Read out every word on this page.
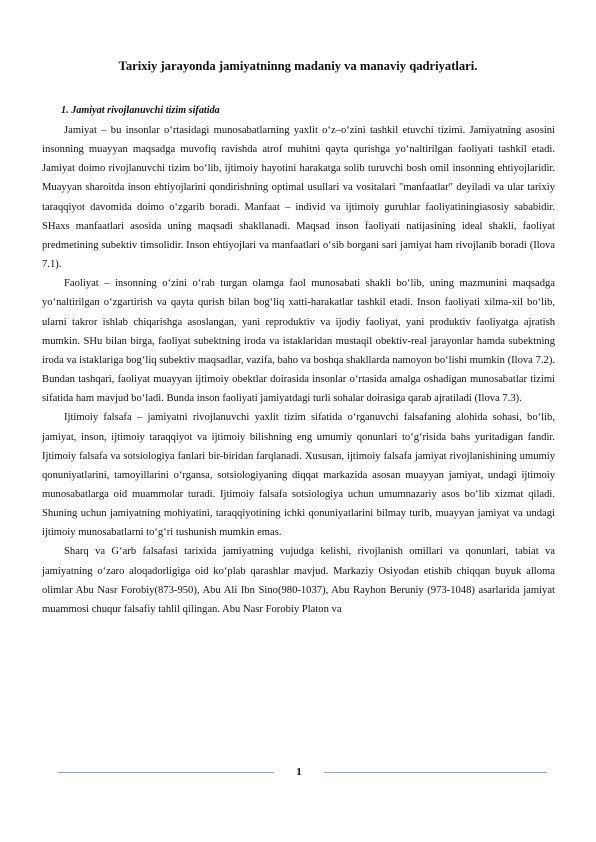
Tarixiy jarayonda jamiyatninng madaniy va manaviy qadriyatlari.
1. Jamiyat rivojlanuvchi tizim sifatida

Jamiyat – bu insonlar o‘rtasidagi munosabatlarning yaxlit o‘z–o‘zini tashkil etuvchi tizimi. Jamiyatning asosini insonning muayyan maqsadga muvofiq ravishda atrof muhitni qayta qurishga yo‘naltirilgan faoliyati tashkil etadi. Jamiyat doimo rivojlanuvchi tizim bo‘lib, ijtimoiy hayotini harakatga solib turuvchi bosh omil insonning ehtiyojlaridir. Muayyan sharoitda inson ehtiyojlarini qondirishning optimal usullari va vositalari "manfaatlar" deyiladi va ular tarixiy taraqqiyot davomida doimo o‘zgarib boradi. Manfaat – individ va ijtimoiy guruhlar faoliyatiningiasosiy sababidir. SHaxs manfaatlari asosida uning maqsadi shakllanadi. Maqsad inson faoliyati natijasining ideal shakli, faoliyat predmetining subektiv timsolidir. Inson ehtiyojlari va manfaatlari o‘sib borgani sari jamiyat ham rivojlanib boradi (Ilova 7.1).

Faoliyat – insonning o‘zini o‘rab turgan olamga faol munosabati shakli bo‘lib, uning mazmunini maqsadga yo‘naltirilgan o‘zgartirish va qayta qurish bilan bog‘liq xatti-harakatlar tashkil etadi. Inson faoliyati xilma-xil bo‘lib, ularni takror ishlab chiqarishga asoslangan, yani reproduktiv va ijodiy faoliyat, yani produktiv faoliyatga ajratish mumkin. SHu bilan birga, faoliyat subektning iroda va istaklaridan mustaqil obektiv-real jarayonlar hamda subektning iroda va istaklariga bog‘liq subektiv maqsadlar, vazifa, baho va boshqa shakllarda namoyon bo‘lishi mumkin (Ilova 7.2). Bundan tashqari, faoliyat muayyan ijtimoiy obektlar doirasida insonlar o‘rtasida amalga oshadigan munosabatlar tizimi sifatida ham mavjud bo‘ladi. Bunda inson faoliyati jamiyatdagi turli sohalar doirasiga qarab ajratiladi (Ilova 7.3).

Ijtimoiy falsafa – jamiyatni rivojlanuvchi yaxlit tizim sifatida o‘rganuvchi falsafaning alohida sohasi, bo‘lib, jamiyat, inson, ijtimoiy taraqqiyot va ijtimoiy bilishning eng umumiy qonunlari to‘g‘risida bahs yuritadigan fandir. Ijtimoiy falsafa va sotsiologiya fanlari bir-biridan farqlanadi. Xususan, ijtimoiy falsafa jamiyat rivojlanishining umumiy qonuniyatlarini, tamoyillarini o‘rgansa, sotsiologiyaning diqqat markazida asosan muayyan jamiyat, undagi ijtimoiy munosabatlarga oid muammolar turadi. Ijtimoiy falsafa sotsiologiya uchun umumnazariy asos bo‘lib xizmat qiladi. Shuning uchun jamiyatning mohiyatini, taraqqiyotining ichki qonuniyatlarini bilmay turib, muayyan jamiyat va undagi ijtimoiy munosabatlarni to‘g‘ri tushunish mumkin emas.

Sharq va G‘arb falsafasi tarixida jamiyatning vujudga kelishi, rivojlanish omillari va qonunlari, tabiat va jamiyatning o‘zaro aloqadorligiga oid ko‘plab qarashlar mavjud. Markaziy Osiyodan etishib chiqqan buyuk alloma olimlar Abu Nasr Forobiy(873-950), Abu Ali Ibn Sino(980-1037), Abu Rayhon Beruniy (973-1048) asarlarida jamiyat muammosi chuqur falsafiy tahlil qilingan. Abu Nasr Forobiy Platon va

1
